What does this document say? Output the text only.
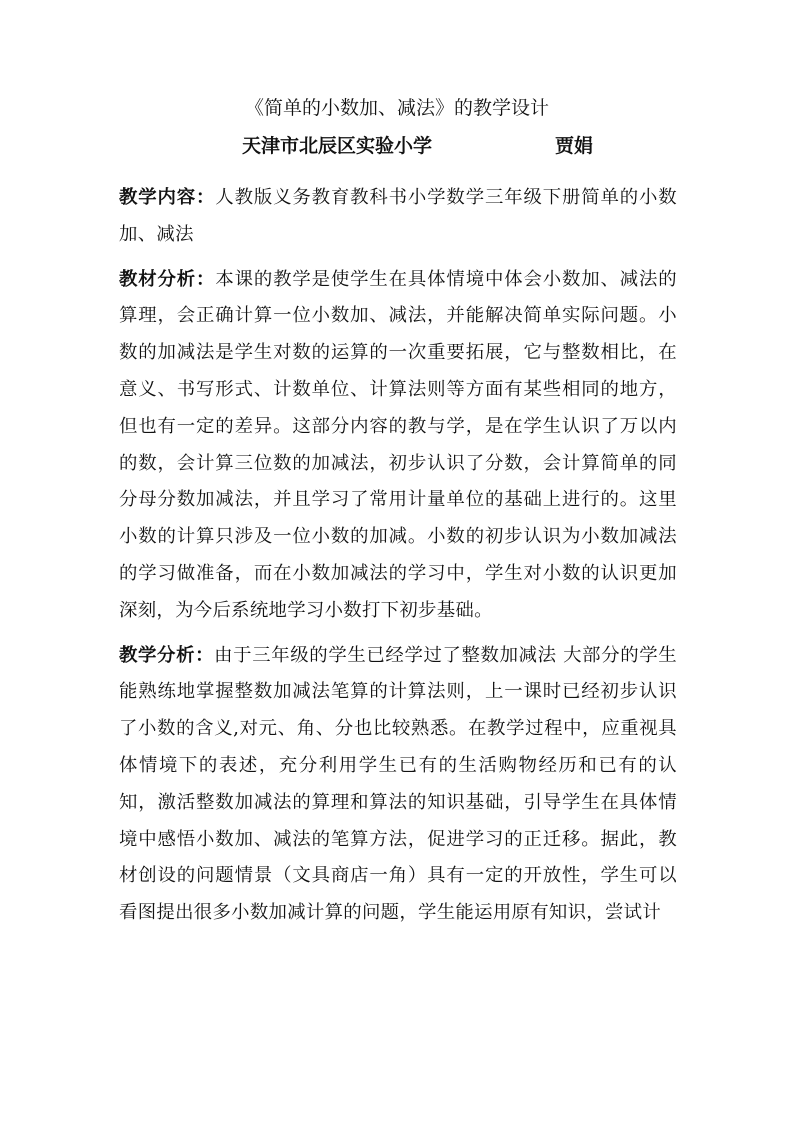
《简单的小数加、减法》的教学设计
天津市北辰区实验小学	贾娟

教学内容：人教版义务教育教科书小学数学三年级下册简单的小数加、减法

教材分析：本课的教学是使学生在具体情境中体会小数加、减法的算理，会正确计算一位小数加、减法，并能解决简单实际问题。小数的加减法是学生对数的运算的一次重要拓展，它与整数相比，在意义、书写形式、计数单位、计算法则等方面有某些相同的地方，但也有一定的差异。这部分内容的教与学，是在学生认识了万以内的数，会计算三位数的加减法，初步认识了分数，会计算简单的同分母分数加减法，并且学习了常用计量单位的基础上进行的。这里小数的计算只涉及一位小数的加减。小数的初步认识为小数加减法的学习做准备，而在小数加减法的学习中，学生对小数的认识更加深刻，为今后系统地学习小数打下初步基础。

教学分析：由于三年级的学生已经学过了整数加减法 大部分的学生能熟练地掌握整数加减法笔算的计算法则，上一课时已经初步认识了小数的含义,对元、角、分也比较熟悉。在教学过程中，应重视具体情境下的表述，充分利用学生已有的生活购物经历和已有的认知，激活整数加减法的算理和算法的知识基础，引导学生在具体情境中感悟小数加、减法的笔算方法，促进学习的正迁移。据此，教材创设的问题情景（文具商店一角）具有一定的开放性，学生可以看图提出很多小数加减计算的问题，学生能运用原有知识，尝试计
